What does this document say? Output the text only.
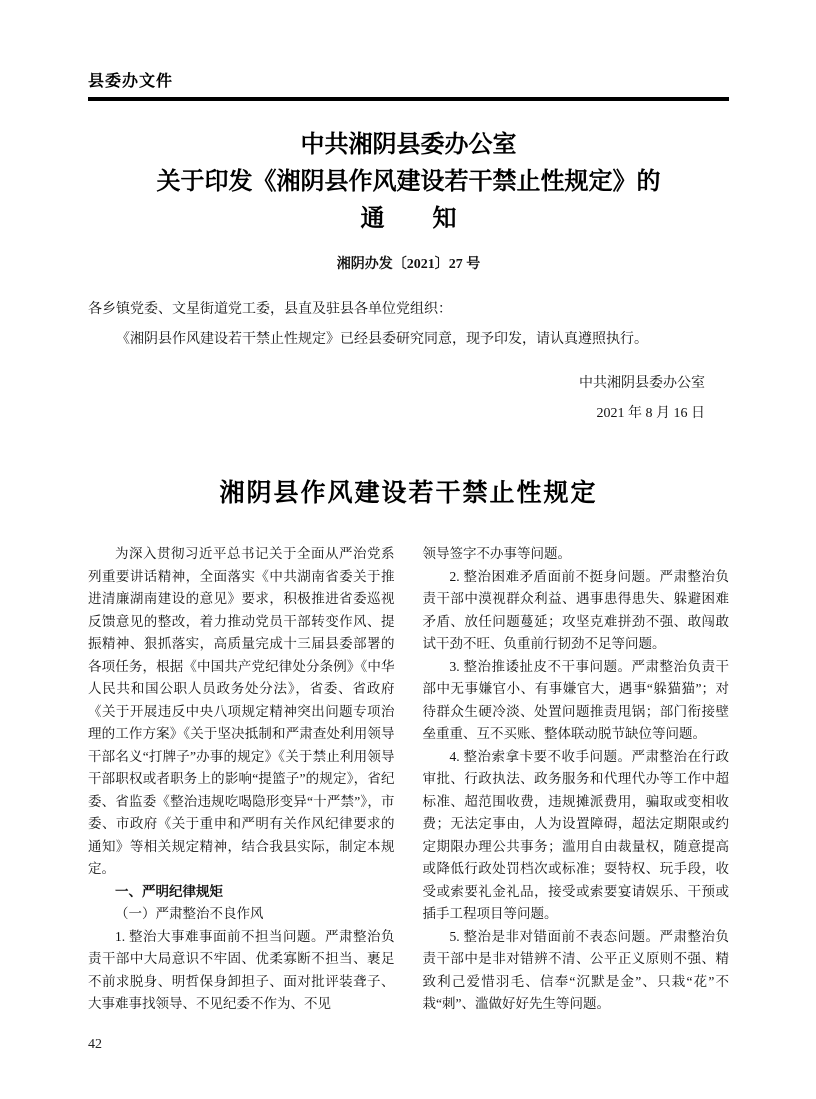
县委办文件
中共湘阴县委办公室
关于印发《湘阴县作风建设若干禁止性规定》的
通　　知
湘阴办发〔2021〕27 号

各乡镇党委、文星街道党工委，县直及驻县各单位党组织：

《湘阴县作风建设若干禁止性规定》已经县委研究同意，现予印发，请认真遵照执行。

中共湘阴县委办公室
2021 年 8 月 16 日
湘阴县作风建设若干禁止性规定

为深入贯彻习近平总书记关于全面从严治党系列重要讲话精神，全面落实《中共湖南省委关于推进清廉湖南建设的意见》要求，积极推进省委巡视反馈意见的整改，着力推动党员干部转变作风、提振精神、狠抓落实，高质量完成十三届县委部署的各项任务，根据《中国共产党纪律处分条例》《中华人民共和国公职人员政务处分法》，省委、省政府《关于开展违反中央八项规定精神突出问题专项治理的工作方案》《关于坚决抵制和严肃查处利用领导干部名义“打牌子”办事的规定》《关于禁止利用领导干部职权或者职务上的影响“提篮子”的规定》，省纪委、省监委《整治违规吃喝隐形变异“十严禁”》，市委、市政府《关于重申和严明有关作风纪律要求的通知》等相关规定精神，结合我县实际，制定本规定。

一、严明纪律规矩

（一）严肃整治不良作风

1. 整治大事难事面前不担当问题。严肃整治负责干部中大局意识不牢固、优柔寡断不担当、裹足不前求脱身、明哲保身卸担子、面对批评装聋子、大事难事找领导、不见纪委不作为、不见

领导签字不办事等问题。

2. 整治困难矛盾面前不挺身问题。严肃整治负责干部中漠视群众利益、遇事患得患失、躲避困难矛盾、放任问题蔓延；攻坚克难拼劲不强、敢闯敢试干劲不旺、负重前行韧劲不足等问题。

3. 整治推诿扯皮不干事问题。严肃整治负责干部中无事嫌官小、有事嫌官大，遇事“躲猫猫”；对待群众生硬冷淡、处置问题推责甩锅；部门衔接壁垒重重、互不买账、整体联动脱节缺位等问题。

4. 整治索拿卡要不收手问题。严肃整治在行政审批、行政执法、政务服务和代理代办等工作中超标准、超范围收费，违规摊派费用，骗取或变相收费；无法定事由，人为设置障碍，超法定期限或约定期限办理公共事务；滥用自由裁量权，随意提高或降低行政处罚档次或标准；耍特权、玩手段，收受或索要礼金礼品，接受或索要宴请娱乐、干预或插手工程项目等问题。

5. 整治是非对错面前不表态问题。严肃整治负责干部中是非对错辨不清、公平正义原则不强、精致利己爱惜羽毛、信奉“沉默是金”、只栽“花”不栽“刺”、滥做好好先生等问题。

42
